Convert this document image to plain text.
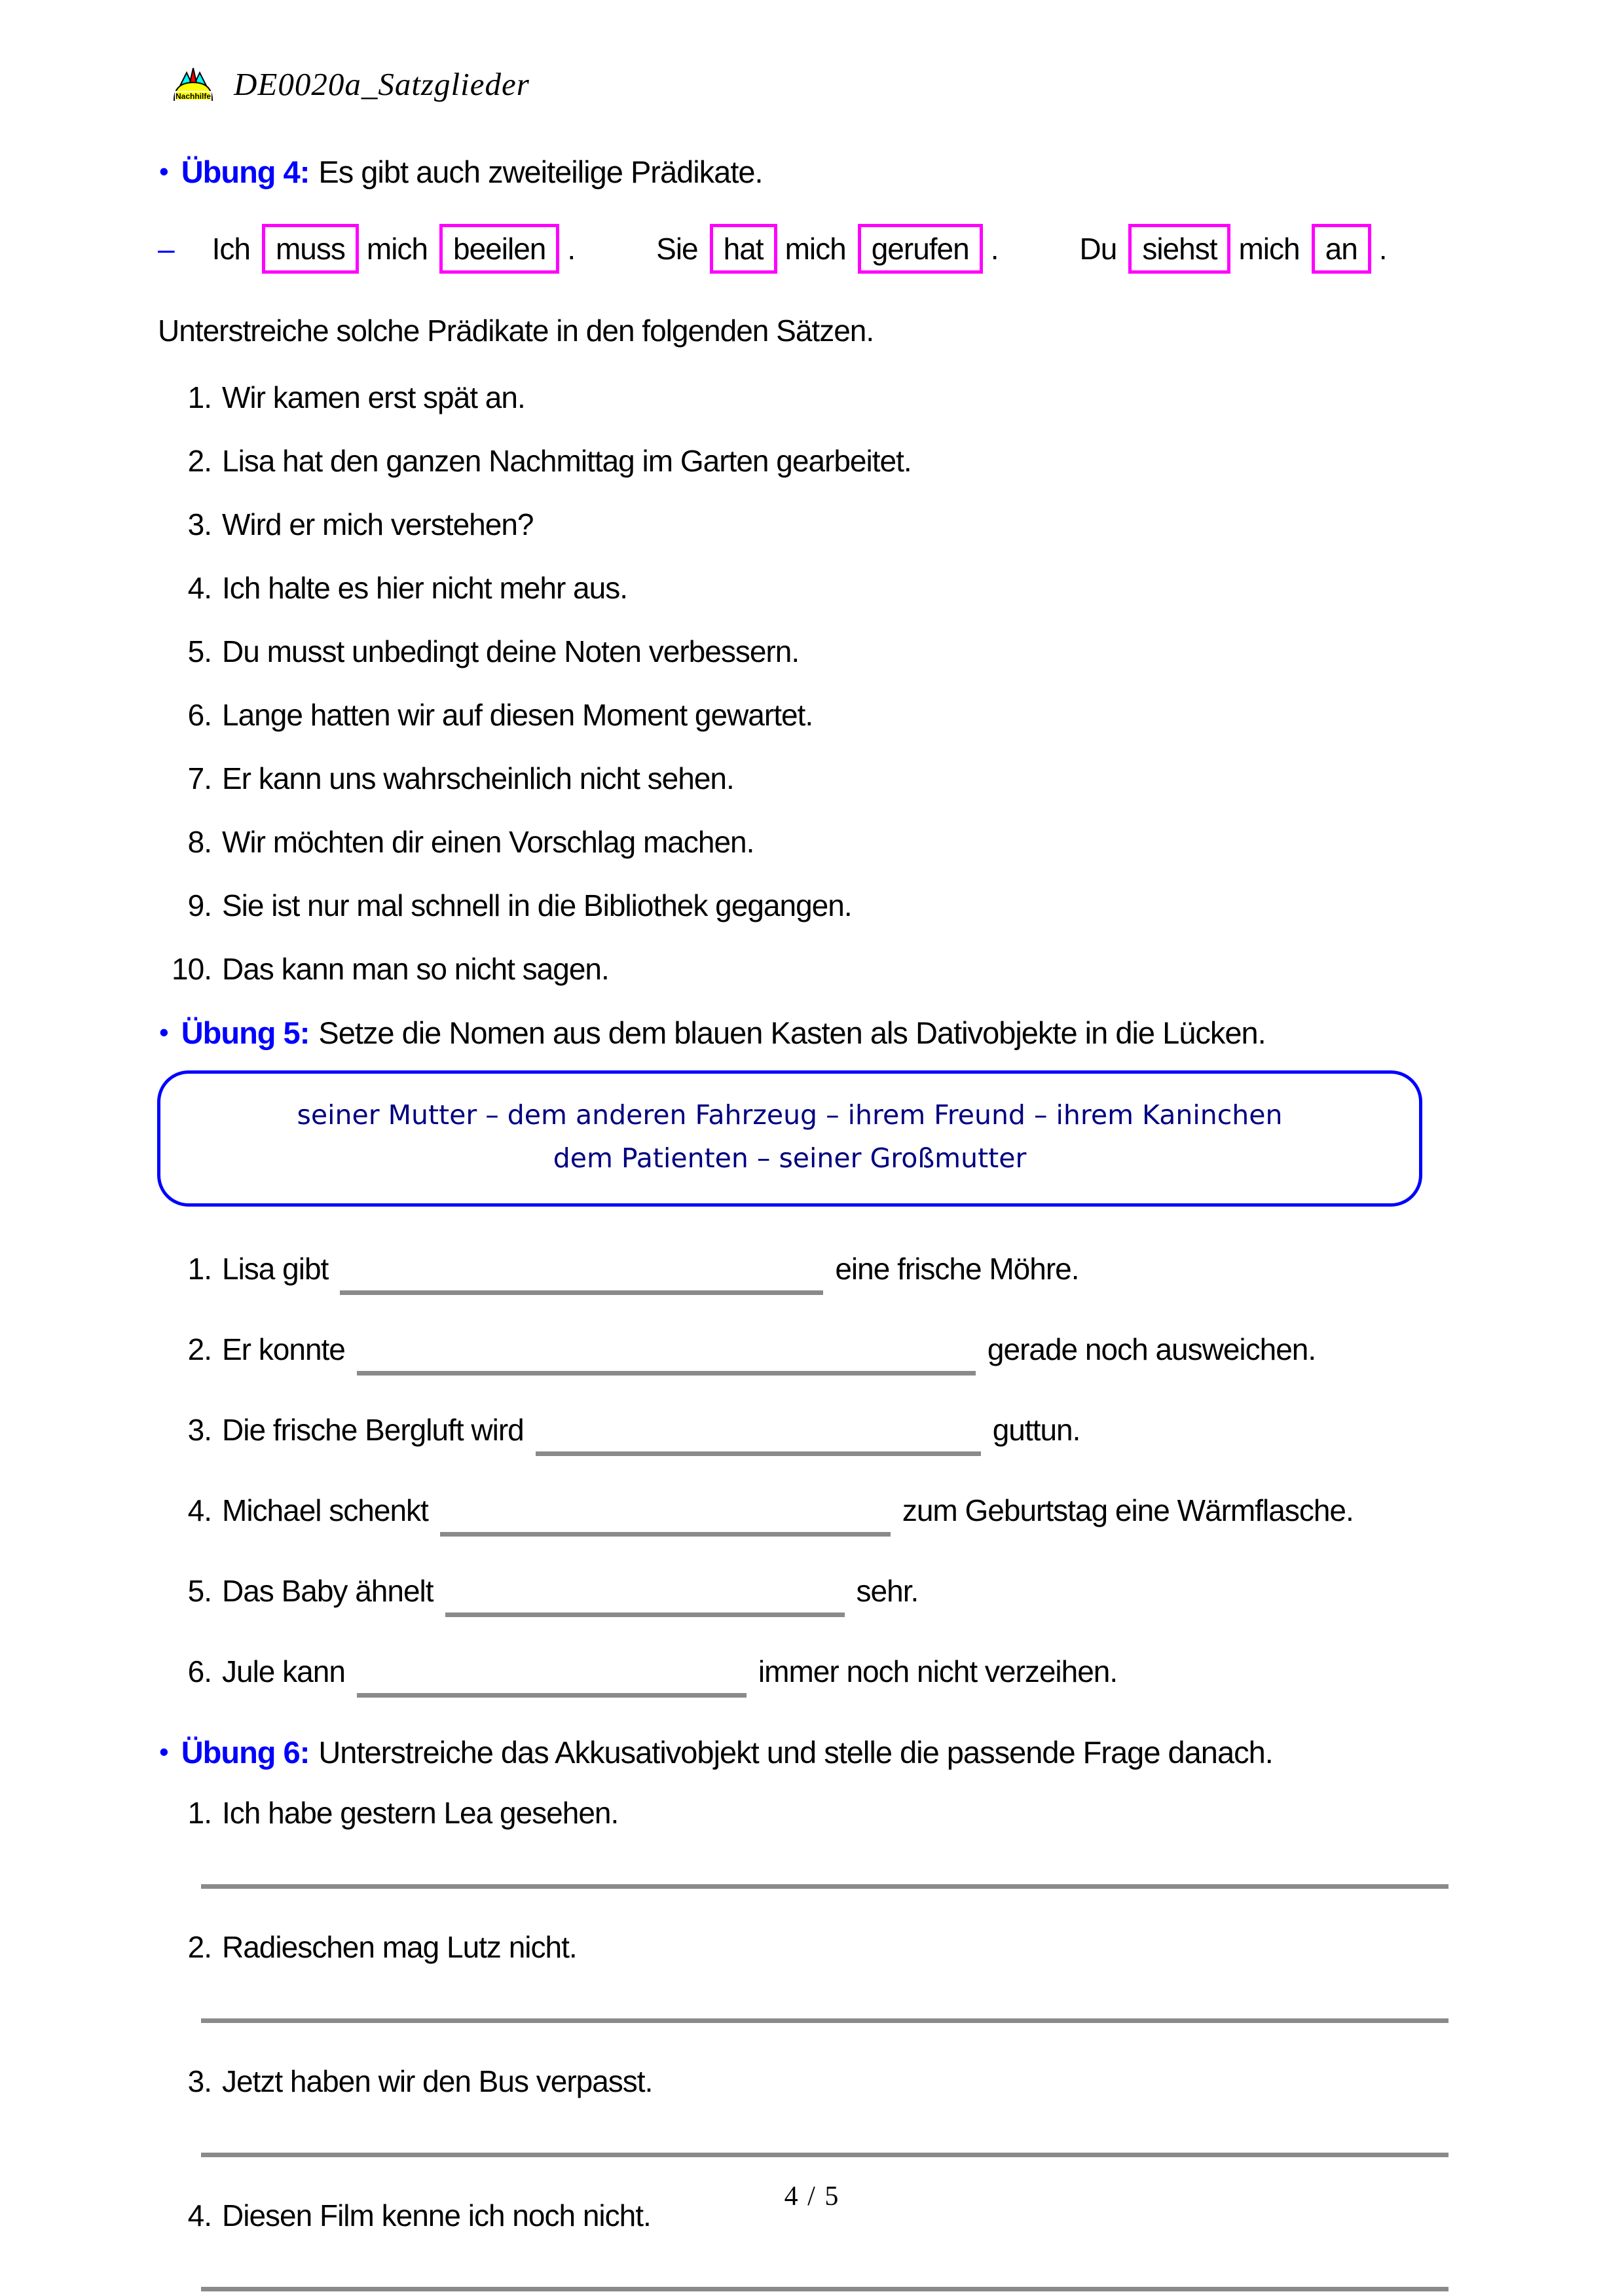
Nachhilfe DE0020a_Satzglieder
• Übung 4: Es gibt auch zweiteilige Prädikate.
– Ich muss mich beeilen .	Sie hat mich gerufen .	Du siehst mich an .
Unterstreiche solche Prädikate in den folgenden Sätzen.
1. Wir kamen erst spät an.
2. Lisa hat den ganzen Nachmittag im Garten gearbeitet.
3. Wird er mich verstehen?
4. Ich halte es hier nicht mehr aus.
5. Du musst unbedingt deine Noten verbessern.
6. Lange hatten wir auf diesen Moment gewartet.
7. Er kann uns wahrscheinlich nicht sehen.
8. Wir möchten dir einen Vorschlag machen.
9. Sie ist nur mal schnell in die Bibliothek gegangen.
10. Das kann man so nicht sagen.
• Übung 5: Setze die Nomen aus dem blauen Kasten als Dativobjekte in die Lücken.
seiner Mutter – dem anderen Fahrzeug – ihrem Freund – ihrem Kaninchen
dem Patienten – seiner Großmutter
1. Lisa gibt	eine frische Möhre.
2. Er konnte	gerade noch ausweichen.
3. Die frische Bergluft wird	guttun.
4. Michael schenkt	zum Geburtstag eine Wärmflasche.
5. Das Baby ähnelt	sehr.
6. Jule kann	immer noch nicht verzeihen.
• Übung 6: Unterstreiche das Akkusativobjekt und stelle die passende Frage danach.
1. Ich habe gestern Lea gesehen.
2. Radieschen mag Lutz nicht.
3. Jetzt haben wir den Bus verpasst.
4. Diesen Film kenne ich noch nicht.
4 / 5
